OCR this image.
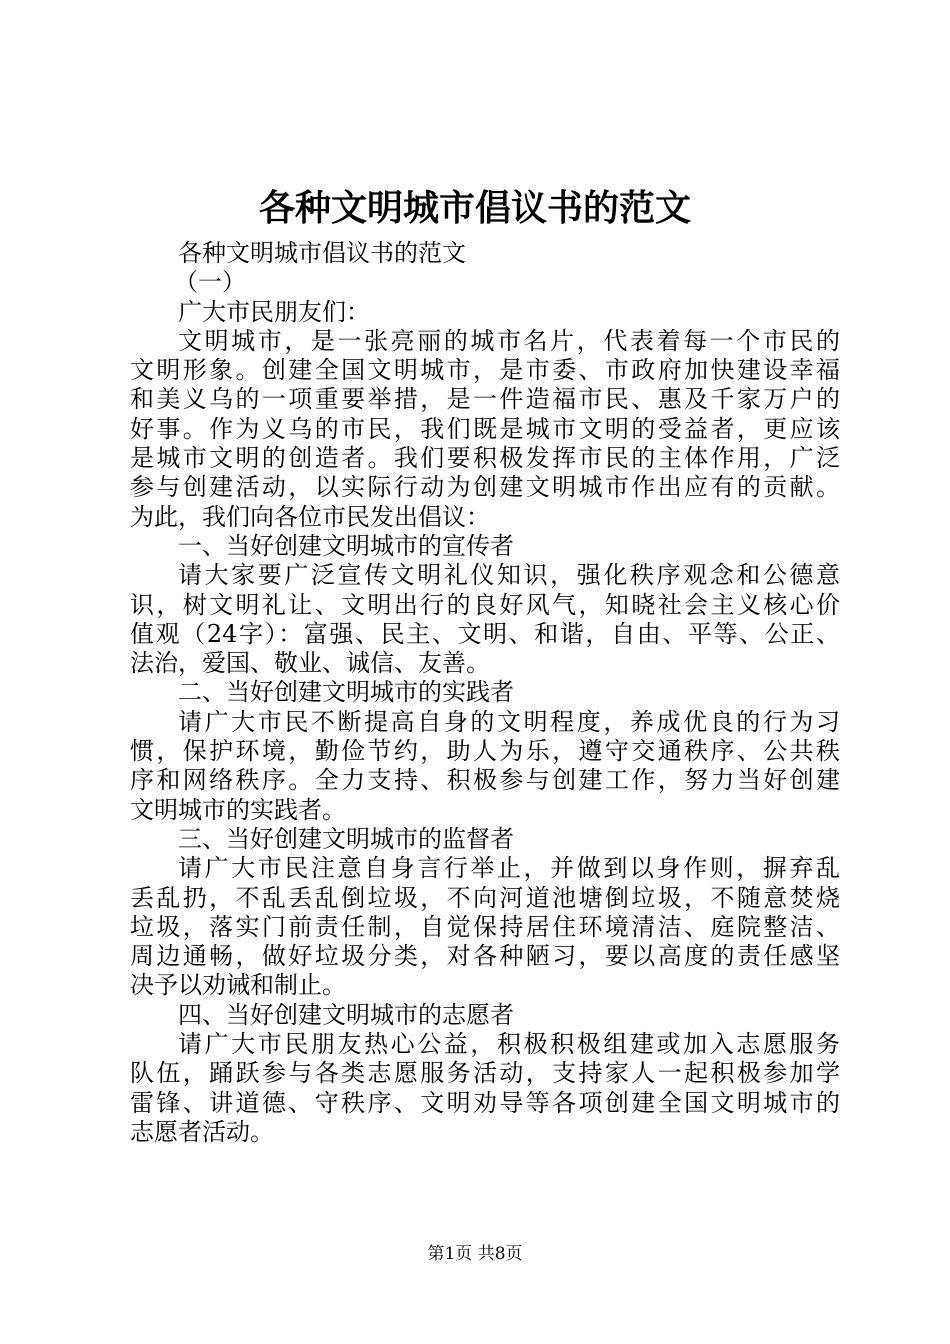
各种文明城市倡议书的范文
各种文明城市倡议书的范文
（一）
广大市民朋友们：
文明城市，是一张亮丽的城市名片，代表着每一个市民的
文明形象。创建全国文明城市，是市委、市政府加快建设幸福
和美义乌的一项重要举措，是一件造福市民、惠及千家万户的
好事。作为义乌的市民，我们既是城市文明的受益者，更应该
是城市文明的创造者。我们要积极发挥市民的主体作用，广泛
参与创建活动，以实际行动为创建文明城市作出应有的贡献。
为此，我们向各位市民发出倡议：
一、当好创建文明城市的宣传者
请大家要广泛宣传文明礼仪知识，强化秩序观念和公德意
识，树文明礼让、文明出行的良好风气，知晓社会主义核心价
值观（24字）：富强、民主、文明、和谐，自由、平等、公正、
法治，爱国、敬业、诚信、友善。
二、当好创建文明城市的实践者
请广大市民不断提高自身的文明程度，养成优良的行为习
惯，保护环境，勤俭节约，助人为乐，遵守交通秩序、公共秩
序和网络秩序。全力支持、积极参与创建工作，努力当好创建
文明城市的实践者。
三、当好创建文明城市的监督者
请广大市民注意自身言行举止，并做到以身作则，摒弃乱
丢乱扔，不乱丢乱倒垃圾，不向河道池塘倒垃圾，不随意焚烧
垃圾，落实门前责任制，自觉保持居住环境清洁、庭院整洁、
周边通畅，做好垃圾分类，对各种陋习，要以高度的责任感坚
决予以劝诫和制止。
四、当好创建文明城市的志愿者
请广大市民朋友热心公益，积极积极组建或加入志愿服务
队伍，踊跃参与各类志愿服务活动，支持家人一起积极参加学
雷锋、讲道德、守秩序、文明劝导等各项创建全国文明城市的
志愿者活动。
第1页 共8页
